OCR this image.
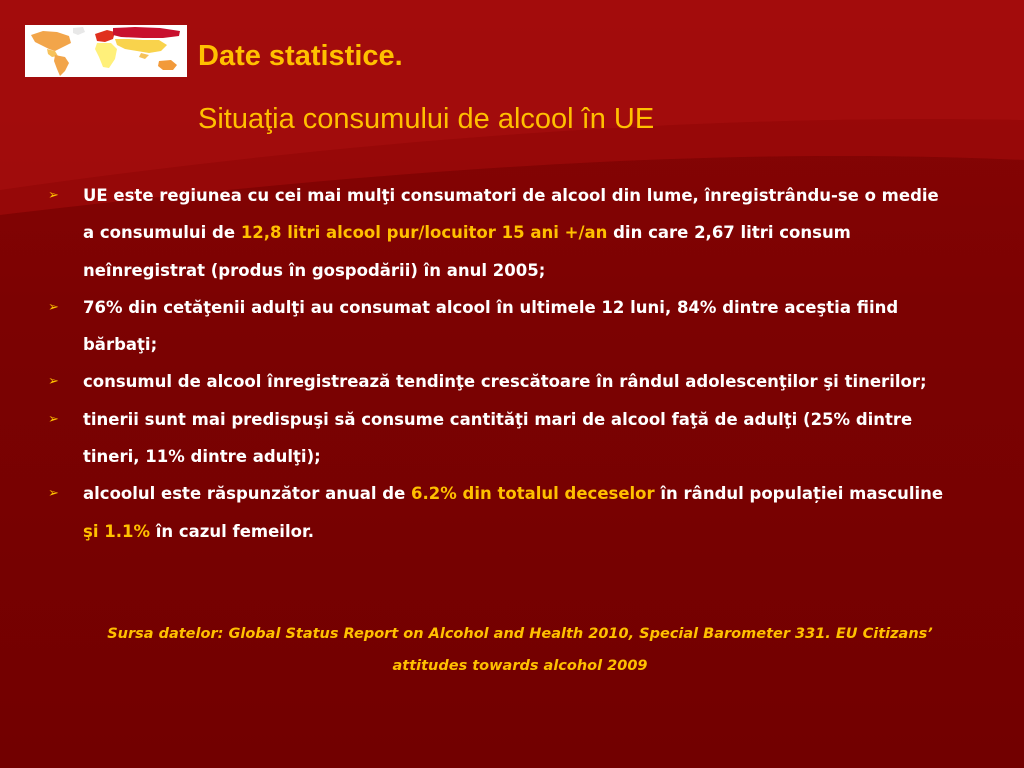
Date statistice.
Situaţia consumului de alcool în UE
➢ UE este regiunea cu cei mai mulţi consumatori de alcool din lume, înregistrându-se o medie a consumului de 12,8 litri alcool pur/locuitor 15 ani +/an din care 2,67 litri consum neînregistrat (produs în gospodării) în anul 2005;
➢ 76% din cetăţenii adulţi au consumat alcool în ultimele 12 luni, 84% dintre aceştia fiind bărbaţi;
➢ consumul de alcool înregistrează tendinţe crescătoare în rândul adolescenţilor şi tinerilor;
➢ tinerii sunt mai predispuşi să consume cantităţi mari de alcool faţă de adulţi (25% dintre tineri, 11% dintre adulţi);
➢ alcoolul este răspunzător anual de 6.2% din totalul deceselor în rândul populației masculine şi 1.1% în cazul femeilor.

Sursa datelor: Global Status Report on Alcohol and Health 2010, Special Barometer 331. EU Citizans’
attitudes towards alcohol 2009
